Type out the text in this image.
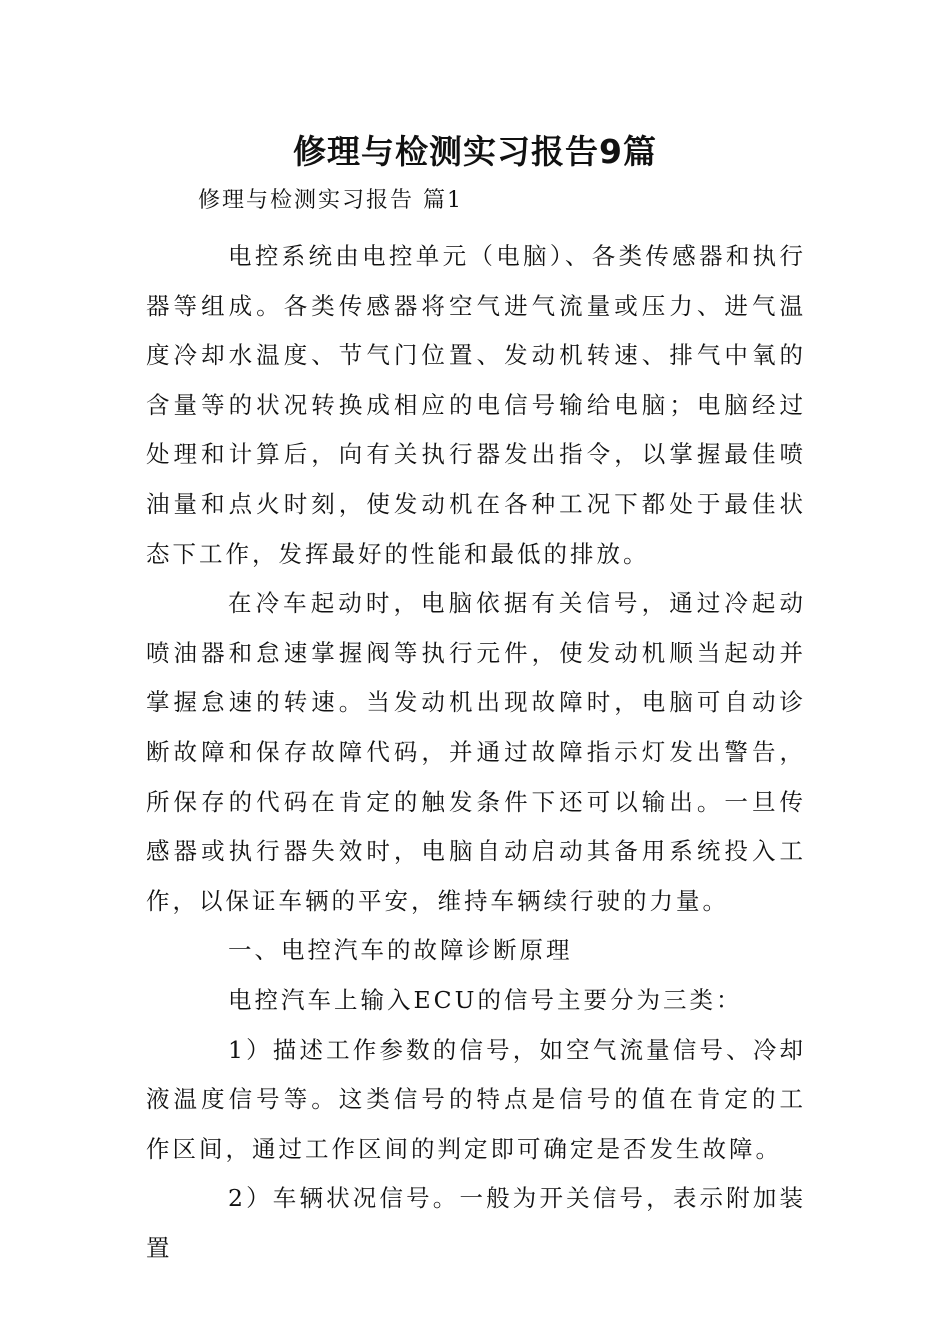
修理与检测实习报告9篇

修理与检测实习报告 篇1

电控系统由电控单元（电脑）、各类传感器和执行器等组成。各类传感器将空气进气流量或压力、进气温度冷却水温度、节气门位置、发动机转速、排气中氧的含量等的状况转换成相应的电信号输给电脑；电脑经过处理和计算后，向有关执行器发出指令，以掌握最佳喷油量和点火时刻，使发动机在各种工况下都处于最佳状态下工作，发挥最好的性能和最低的排放。

在冷车起动时，电脑依据有关信号，通过冷起动喷油器和怠速掌握阀等执行元件，使发动机顺当起动并掌握怠速的转速。当发动机出现故障时，电脑可自动诊断故障和保存故障代码，并通过故障指示灯发出警告，所保存的代码在肯定的触发条件下还可以输出。一旦传感器或执行器失效时，电脑自动启动其备用系统投入工作，以保证车辆的平安，维持车辆续行驶的力量。

一、电控汽车的故障诊断原理

电控汽车上输入ECU的信号主要分为三类：

1）描述工作参数的信号，如空气流量信号、冷却液温度信号等。这类信号的特点是信号的值在肯定的工作区间，通过工作区间的判定即可确定是否发生故障。

2）车辆状况信号。一般为开关信号，表示附加装置
